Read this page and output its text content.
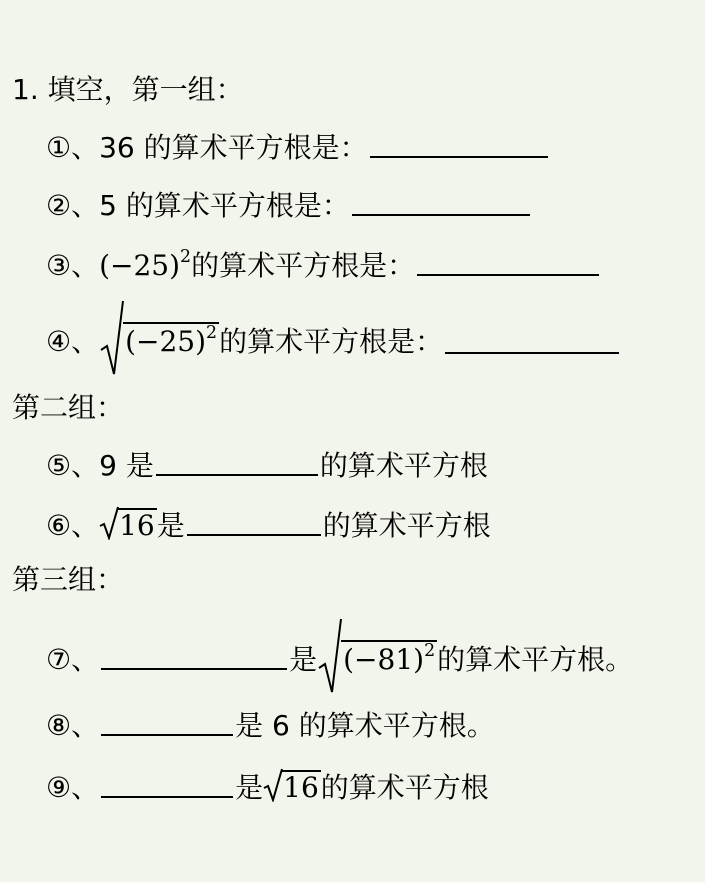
1. 填空，第一组：
①、36 的算术平方根是：
②、5 的算术平方根是：
③、 $(-25)^2$ 的算术平方根是：
④、 $(-25)^2$ 的算术平方根是：
第二组：
⑤、9 是	的算术平方根
⑥、 16 是	的算术平方根
第三组：
⑦、	是 $(-81)^2$ 的算术平方根。
⑧、	是 6 的算术平方根。
⑨、	是 16 的算术平方根
